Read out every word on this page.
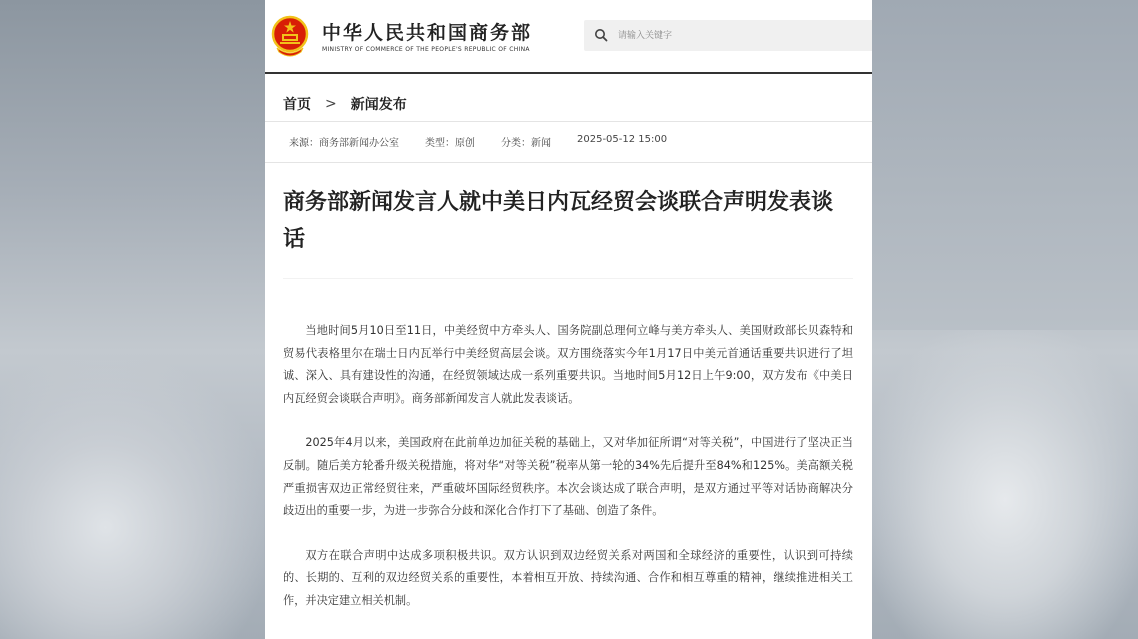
中华人民共和国商务部
MINISTRY OF COMMERCE OF THE PEOPLE'S REPUBLIC OF CHINA
请输入关键字
首页 > 新闻发布
来源：商务部新闻办公室	类型：原创	分类：新闻	2025-05-12 15:00
商务部新闻发言人就中美日内瓦经贸会谈联合声明发表谈话

当地时间5月10日至11日，中美经贸中方牵头人、国务院副总理何立峰与美方牵头人、美国财政部长贝森特和贸易代表格里尔在瑞士日内瓦举行中美经贸高层会谈。双方围绕落实今年1月17日中美元首通话重要共识进行了坦诚、深入、具有建设性的沟通，在经贸领域达成一系列重要共识。当地时间5月12日上午9:00，双方发布《中美日内瓦经贸会谈联合声明》。商务部新闻发言人就此发表谈话。

2025年4月以来，美国政府在此前单边加征关税的基础上，又对华加征所谓“对等关税”，中国进行了坚决正当反制。随后美方轮番升级关税措施，将对华“对等关税”税率从第一轮的34%先后提升至84%和125%。美高额关税严重损害双边正常经贸往来，严重破坏国际经贸秩序。本次会谈达成了联合声明，是双方通过平等对话协商解决分歧迈出的重要一步，为进一步弥合分歧和深化合作打下了基础、创造了条件。

双方在联合声明中达成多项积极共识。双方认识到双边经贸关系对两国和全球经济的重要性，认识到可持续的、长期的、互利的双边经贸关系的重要性，本着相互开放、持续沟通、合作和相互尊重的精神，继续推进相关工作，并决定建立相关机制。
